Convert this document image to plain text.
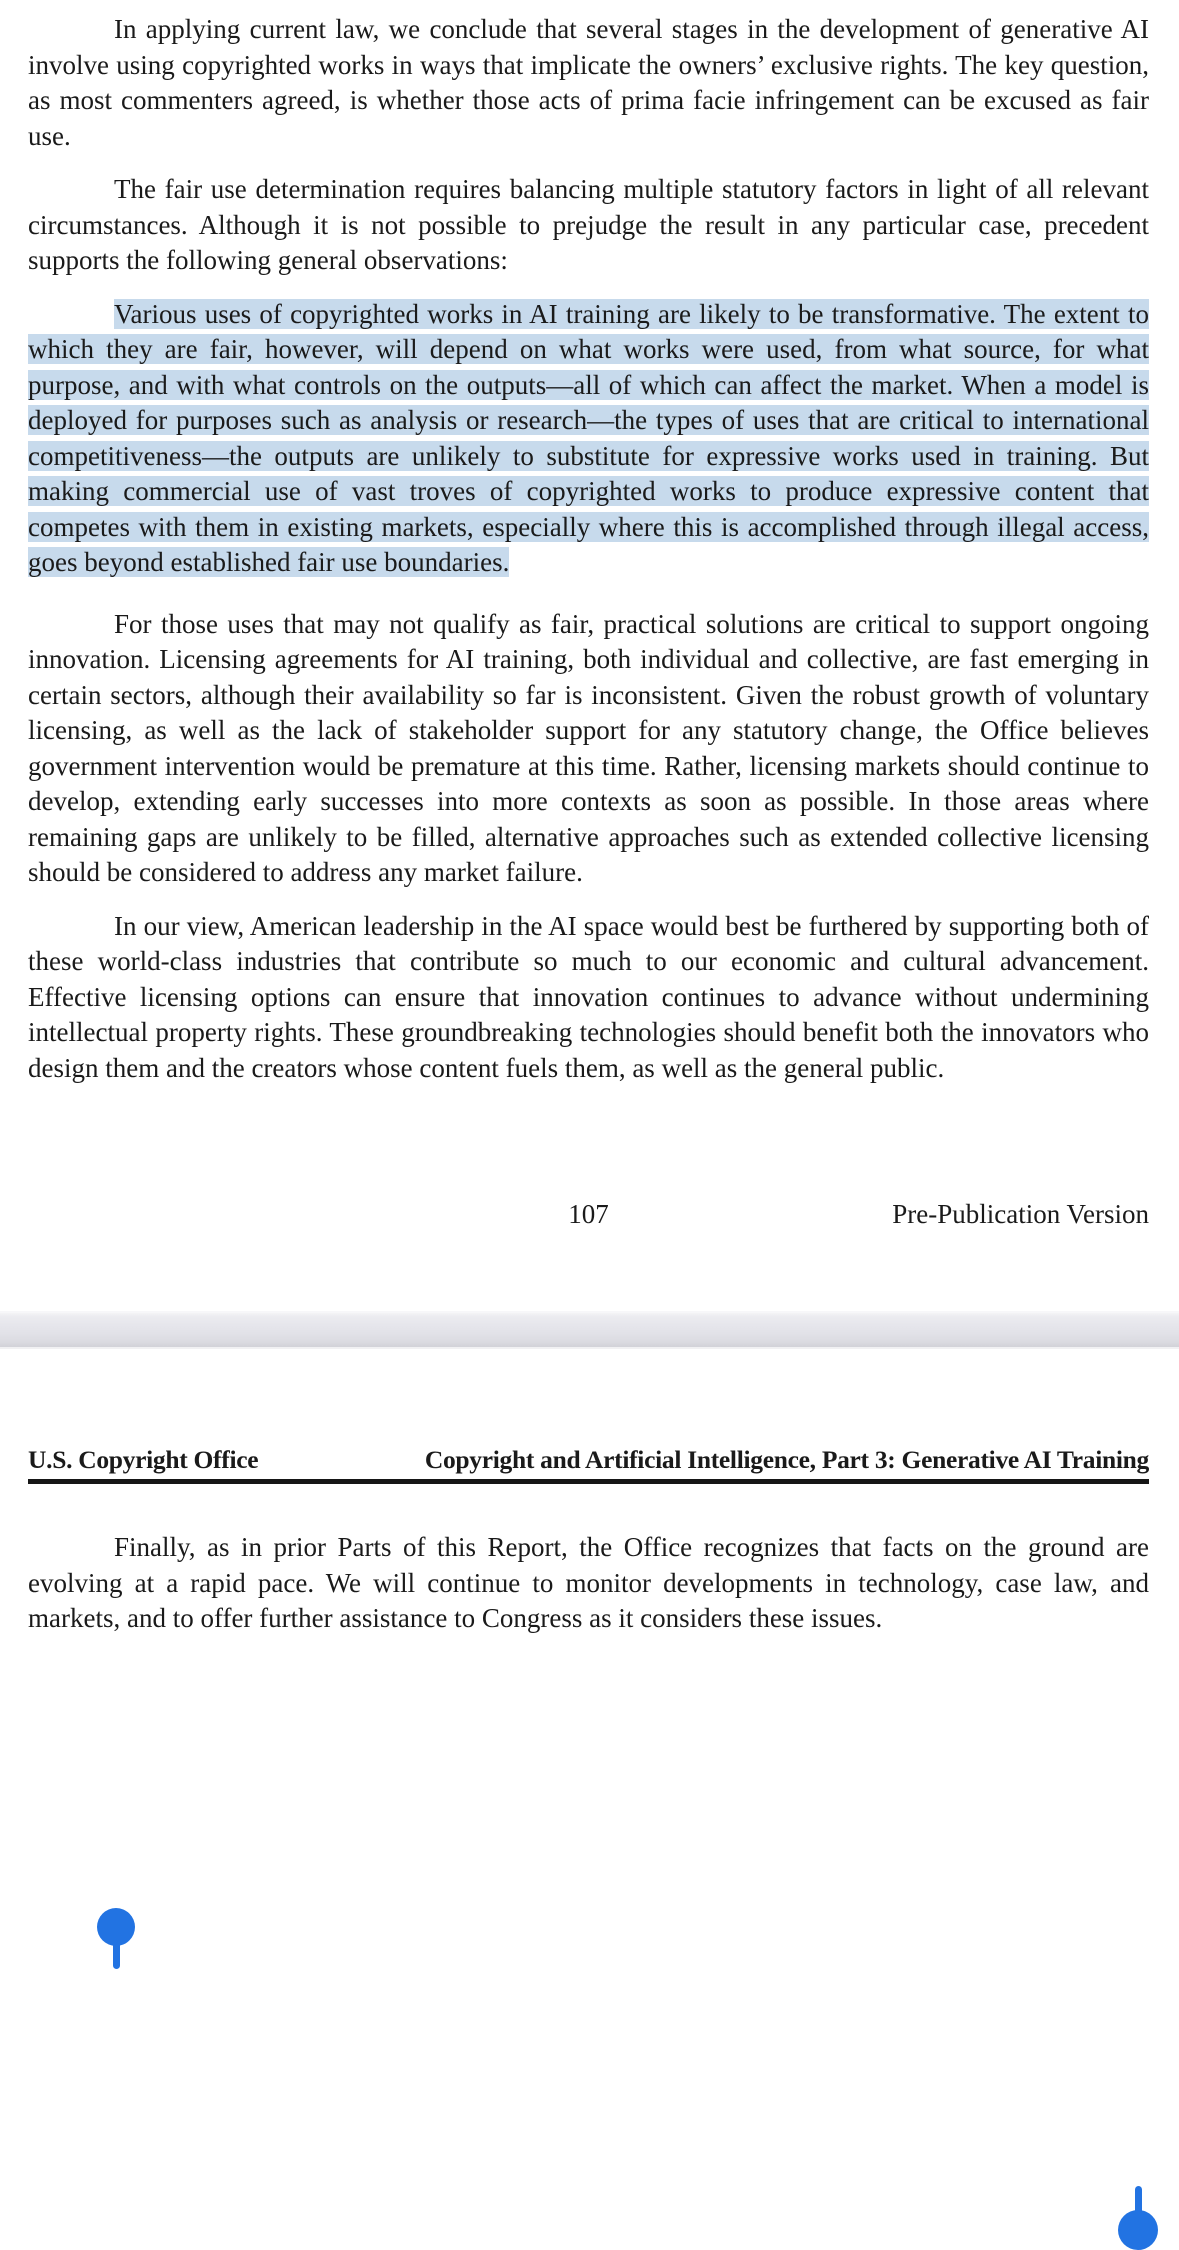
In applying current law, we conclude that several stages in the development of generative AI involve using copyrighted works in ways that implicate the owners’ exclusive rights. The key question, as most commenters agreed, is whether those acts of prima facie infringement can be excused as fair use.

The fair use determination requires balancing multiple statutory factors in light of all relevant circumstances. Although it is not possible to prejudge the result in any particular case, precedent supports the following general observations:

Various uses of copyrighted works in AI training are likely to be transformative. The extent to which they are fair, however, will depend on what works were used, from what source, for what purpose, and with what controls on the outputs—all of which can affect the market. When a model is deployed for purposes such as analysis or research—the types of uses that are critical to international competitiveness—the outputs are unlikely to substitute for expressive works used in training. But making commercial use of vast troves of copyrighted works to produce expressive content that competes with them in existing markets, especially where this is accomplished through illegal access, goes beyond established fair use boundaries.

For those uses that may not qualify as fair, practical solutions are critical to support ongoing innovation. Licensing agreements for AI training, both individual and collective, are fast emerging in certain sectors, although their availability so far is inconsistent. Given the robust growth of voluntary licensing, as well as the lack of stakeholder support for any statutory change, the Office believes government intervention would be premature at this time. Rather, licensing markets should continue to develop, extending early successes into more contexts as soon as possible. In those areas where remaining gaps are unlikely to be filled, alternative approaches such as extended collective licensing should be considered to address any market failure.

In our view, American leadership in the AI space would best be furthered by supporting both of these world-class industries that contribute so much to our economic and cultural advancement. Effective licensing options can ensure that innovation continues to advance without undermining intellectual property rights. These groundbreaking technologies should benefit both the innovators who design them and the creators whose content fuels them, as well as the general public.

107	Pre-Publication Version
U.S. Copyright Office	Copyright and Artificial Intelligence, Part 3: Generative AI Training

Finally, as in prior Parts of this Report, the Office recognizes that facts on the ground are evolving at a rapid pace. We will continue to monitor developments in technology, case law, and markets, and to offer further assistance to Congress as it considers these issues.
